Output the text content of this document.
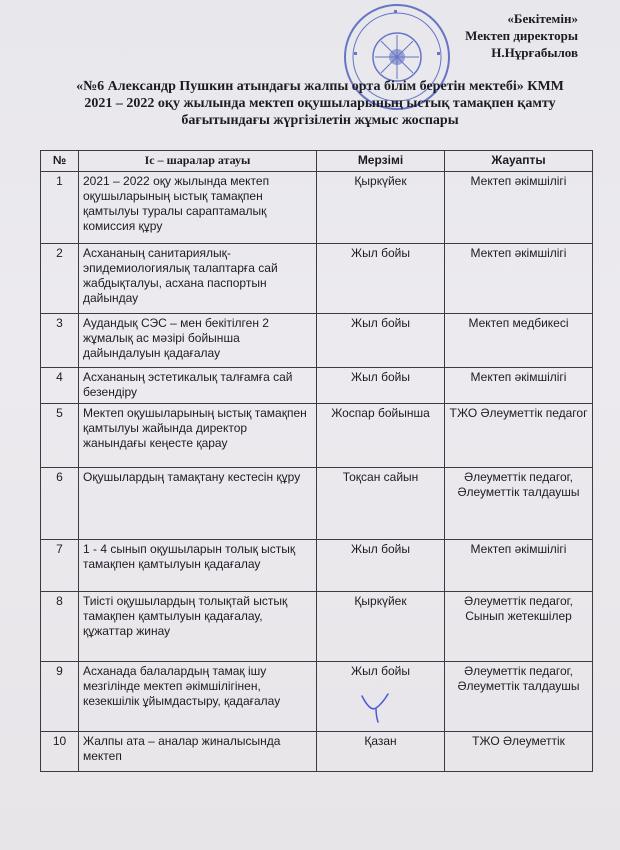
«Бекітемін»
Мектеп директоры
Н.Нұрғабылов
«№6 Александр Пушкин атындағы жалпы орта білім беретін мектебі» КММ
2021 – 2022 оқу жылында мектеп оқушыларының ыстық тамақпен қамту
бағытындағы жүргізілетін жұмыс жоспары
№	Іс – шаралар атауы	Мерзімі	Жауапты
1	2021 – 2022 оқу жылында мектеп оқушыларының ыстық тамақпен қамтылуы туралы сараптамалық комиссия құру	Қыркүйек	Мектеп әкімшілігі
2	Асхананың санитариялық-эпидемиологиялық талаптарға сай жабдықталуы, асхана паспортын дайындау	Жыл бойы	Мектеп әкімшілігі
3	Аудандық СЭС – мен бекітілген 2 жұмалық ас мәзірі бойынша дайындалуын қадағалау	Жыл бойы	Мектеп медбикесі
4	Асхананың эстетикалық талғамға сай безендіру	Жыл бойы	Мектеп әкімшілігі
5	Мектеп оқушыларының ыстық тамақпен қамтылуы жайында директор жанындағы кеңесте қарау	Жоспар бойынша	ТЖО Әлеуметтік педагог
6	Оқушылардың тамақтану кестесін құру	Тоқсан сайын	Әлеуметтік педагог, Әлеуметтік талдаушы
7	1 - 4 сынып оқушыларын толық ыстық тамақпен қамтылуын қадағалау	Жыл бойы	Мектеп әкімшілігі
8	Тиісті оқушылардың толықтай ыстық тамақпен қамтылуын қадағалау, құжаттар жинау	Қыркүйек	Әлеуметтік педагог, Сынып жетекшілер
9	Асханада балалардың тамақ ішу мезгілінде мектеп әкімшілігінен, кезекшілік ұйымдастыру, қадағалау	Жыл бойы	Әлеуметтік педагог, Әлеуметтік талдаушы
10	Жалпы ата – аналар жиналысында мектеп	Қазан	ТЖО Әлеуметтік
